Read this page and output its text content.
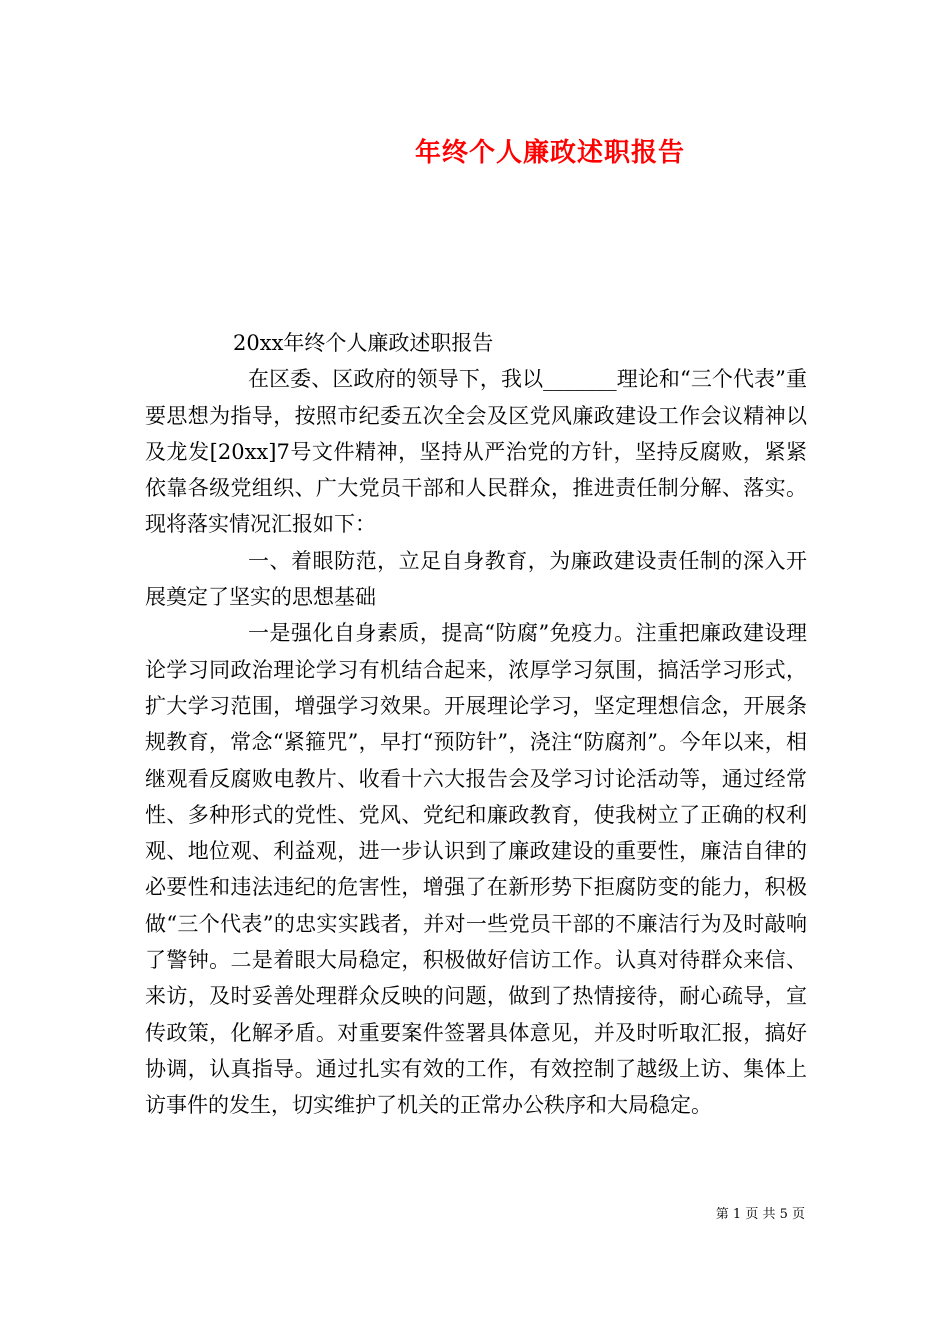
年终个人廉政述职报告

20xx年终个人廉政述职报告

在区委、区政府的领导下，我以_______理论和“三个代表”重要思想为指导，按照市纪委五次全会及区党风廉政建设工作会议精神以及龙发[20xx]7号文件精神，坚持从严治党的方针，坚持反腐败，紧紧依靠各级党组织、广大党员干部和人民群众，推进责任制分解、落实。现将落实情况汇报如下：

一、着眼防范，立足自身教育，为廉政建设责任制的深入开展奠定了坚实的思想基础

一是强化自身素质，提高“防腐”免疫力。注重把廉政建设理论学习同政治理论学习有机结合起来，浓厚学习氛围，搞活学习形式，扩大学习范围，增强学习效果。开展理论学习，坚定理想信念，开展条规教育，常念“紧箍咒”，早打“预防针”，浇注“防腐剂”。今年以来，相继观看反腐败电教片、收看十六大报告会及学习讨论活动等，通过经常性、多种形式的党性、党风、党纪和廉政教育，使我树立了正确的权利观、地位观、利益观，进一步认识到了廉政建设的重要性，廉洁自律的必要性和违法违纪的危害性，增强了在新形势下拒腐防变的能力，积极做“三个代表”的忠实实践者，并对一些党员干部的不廉洁行为及时敲响了警钟。二是着眼大局稳定，积极做好信访工作。认真对待群众来信、来访，及时妥善处理群众反映的问题，做到了热情接待，耐心疏导，宣传政策，化解矛盾。对重要案件签署具体意见，并及时听取汇报，搞好协调，认真指导。通过扎实有效的工作，有效控制了越级上访、集体上访事件的发生，切实维护了机关的正常办公秩序和大局稳定。

第 1 页 共 5 页
